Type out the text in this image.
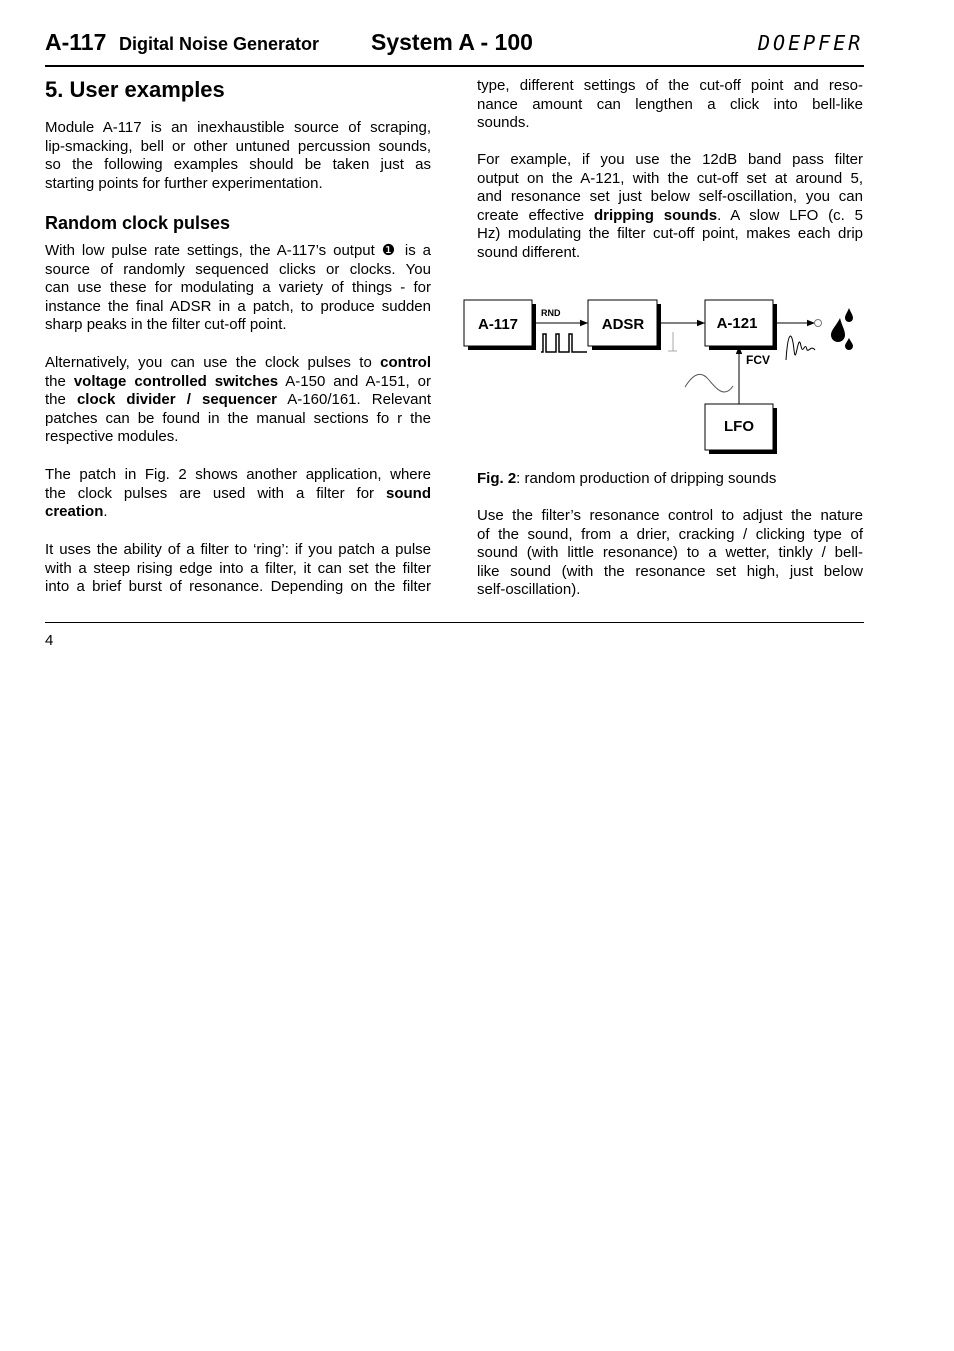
A-117 Digital Noise Generator System A - 100	DOEPFER
5. User examples
Module A-117 is an inexhaustible source of scraping,
lip-smacking, bell or other untuned percussion sounds,
so the following examples should be taken just as
starting points for further experimentation.
Random clock pulses
With low pulse rate settings, the A-117’s output ❶ is a
source of randomly sequenced clicks or clocks. You
can use these for modulating a variety of things - for
instance the final ADSR in a patch, to produce sudden
sharp peaks in the filter cut-off point.
Alternatively, you can use the clock pulses to control
the voltage controlled switches A-150 and A-151, or
the clock divider / sequencer A-160/161. Relevant
patches can be found in the manual sections fo r the
respective modules.
The patch in Fig. 2 shows another application, where
the clock pulses are used with a filter for sound
creation.
It uses the ability of a filter to ‘ring’: if you patch a pulse
with a steep rising edge into a filter, it can set the filter
into a brief burst of resonance. Depending on the filter
type, different settings of the cut-off point and reso-
nance amount can lengthen a click into bell-like
sounds.
For example, if you use the 12dB band pass filter
output on the A-121, with the cut-off set at around 5,
and resonance set just below self-oscillation, you can
create effective dripping sounds. A slow LFO (c. 5
Hz) modulating the filter cut-off point, makes each drip
sound different.
A-117	ADSR	A-121
LFO
RND
FCV
Fig. 2: random production of dripping sounds
Use the filter’s resonance control to adjust the nature
of the sound, from a drier, cracking / clicking type of
sound (with little resonance) to a wetter, tinkly / bell-
like sound (with the resonance set high, just below
self-oscillation).
4
